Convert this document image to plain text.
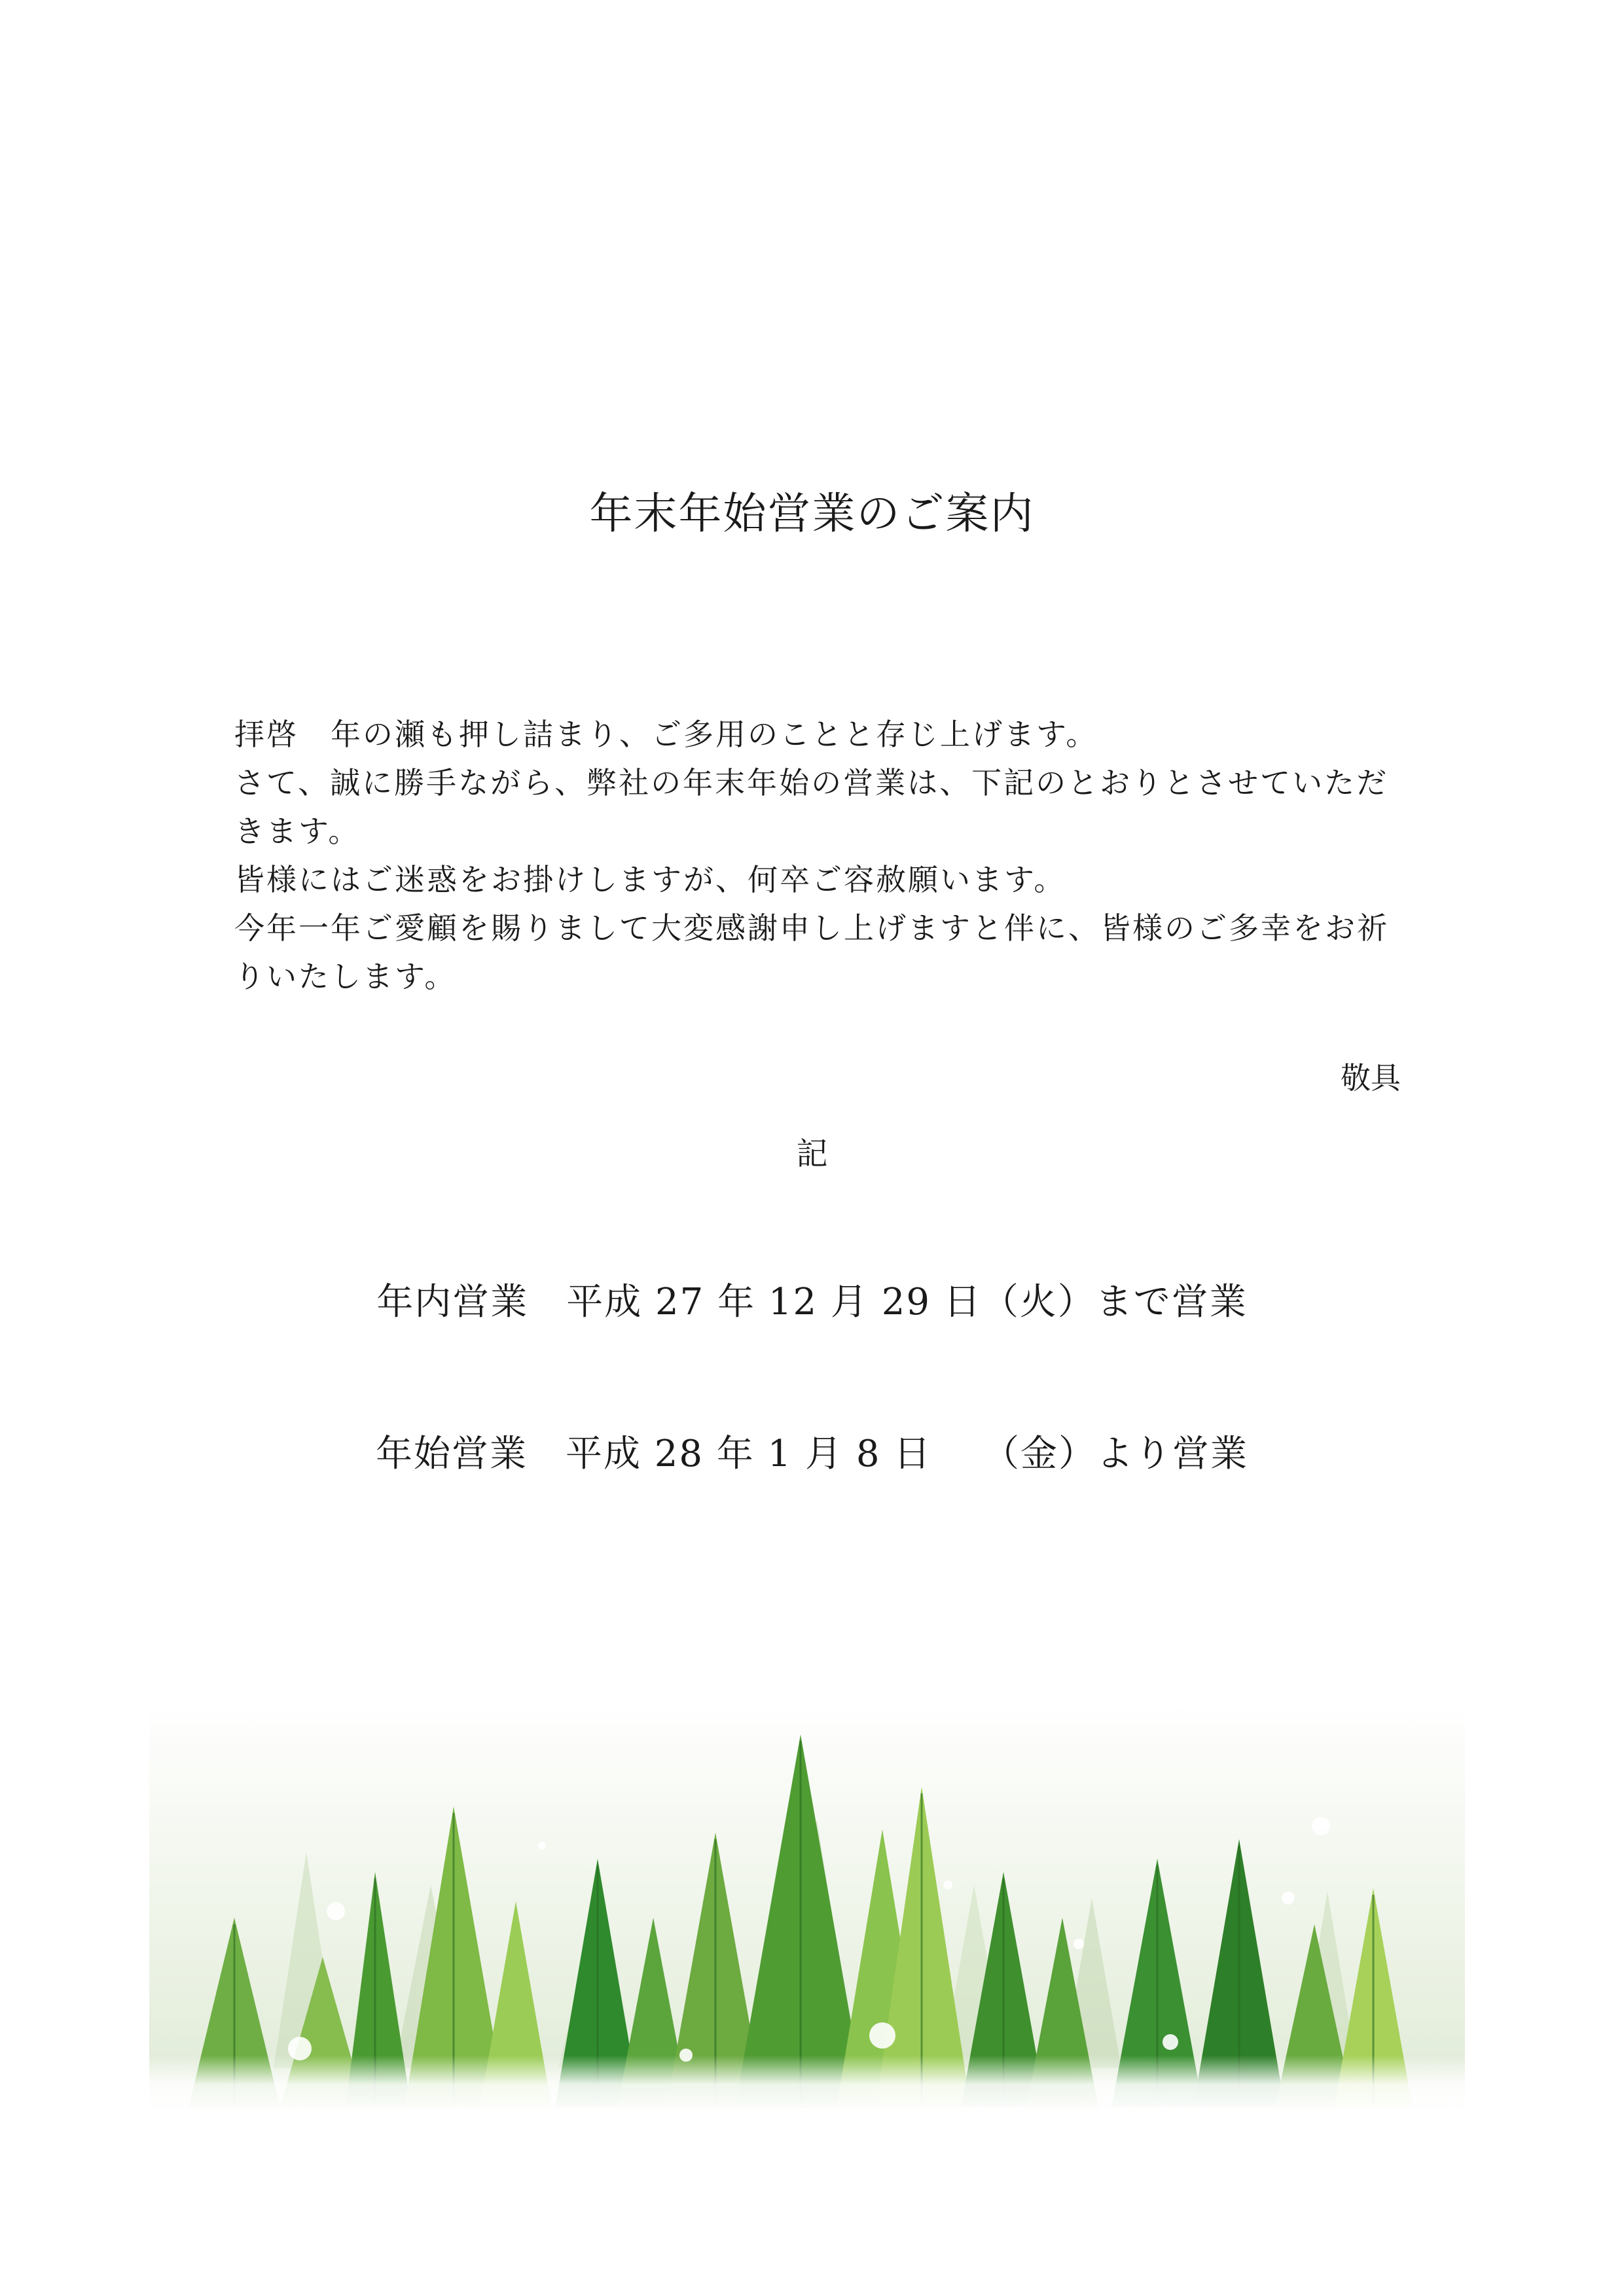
年末年始営業のご案内

拝啓　年の瀬も押し詰まり、ご多用のことと存じ上げます。

さて、誠に勝手ながら、弊社の年末年始の営業は、下記のとおりとさせていただきます。

皆様にはご迷惑をお掛けしますが、何卒ご容赦願います。

今年一年ご愛顧を賜りまして大変感謝申し上げますと伴に、皆様のご多幸をお祈りいたします。

敬具
記
年内営業　平成 27 年 12 月 29 日（火）まで営業
年始営業　平成 28 年 1 月 8 日　 （金）より営業
